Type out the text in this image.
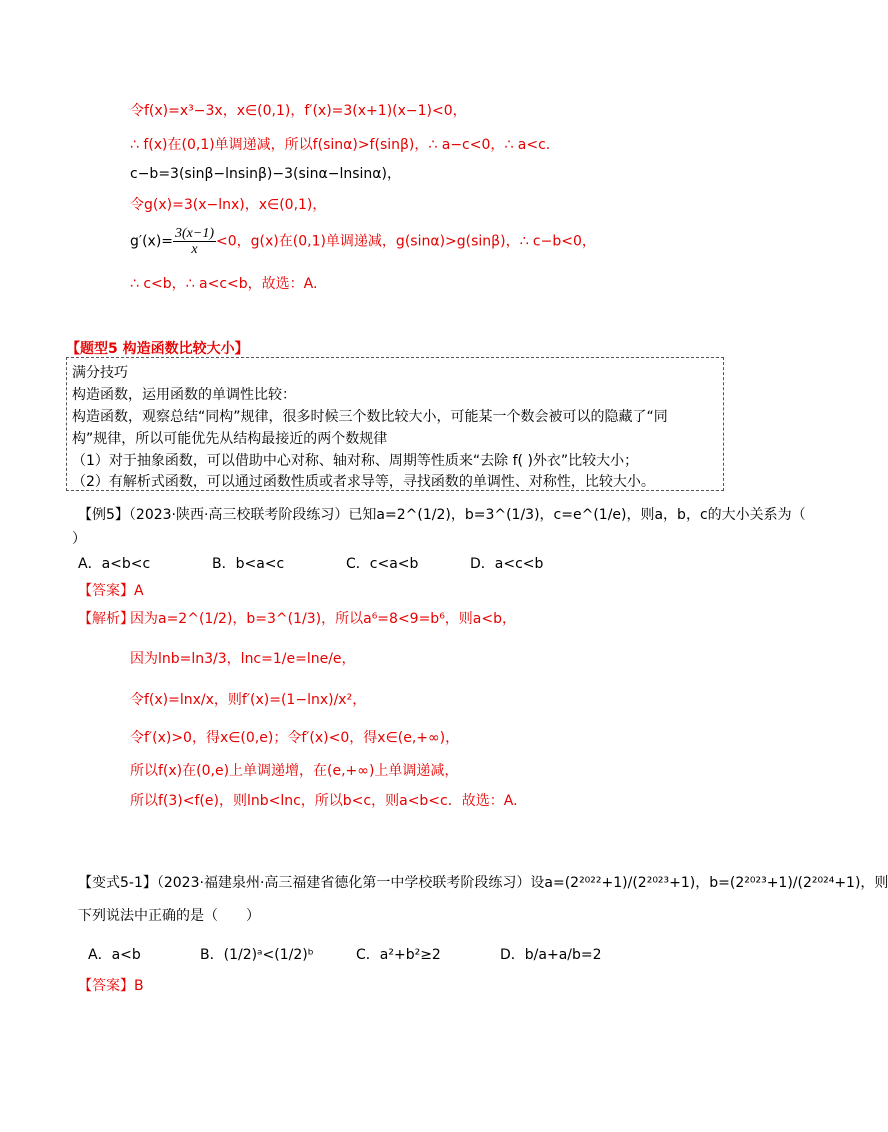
令f(x)=x³−3x，x∈(0,1)，f′(x)=3(x+1)(x−1)<0，
∴ f(x)在(0,1)单调递减，所以f(sinα)>f(sinβ)，∴ a−c<0，∴ a<c.
c−b=3(sinβ−lnsinβ)−3(sinα−lnsinα)，
令g(x)=3(x−lnx)，x∈(0,1)，
$g'(x)= \frac{3(x-1)}{x} <0$，g(x)在(0,1)单调递减，g(sinα)>g(sinβ)，∴ c−b<0，
∴ c<b，∴ a<c<b，故选：A.
【题型5 构造函数比较大小】
满分技巧
构造函数，运用函数的单调性比较：
构造函数，观察总结“同构”规律，很多时候三个数比较大小，可能某一个数会被可以的隐藏了“同
构”规律，所以可能优先从结构最接近的两个数规律
（1）对于抽象函数，可以借助中心对称、轴对称、周期等性质来“去除 f( )外衣”比较大小；
（2）有解析式函数，可以通过函数性质或者求导等，寻找函数的单调性、对称性，比较大小。
【例5】（2023·陕西·高三校联考阶段练习）已知a=2^(1/2)，b=3^(1/3)，c=e^(1/e)，则a，b，c的大小关系为（
）
A．a<b<c	B．b<a<c	C．c<a<b	D．a<c<b
【答案】A
【解析】
因为a=2^(1/2)，b=3^(1/3)，所以a⁶=8<9=b⁶，则a<b，
因为lnb=ln3/3，lnc=1/e=lne/e，
令f(x)=lnx/x，则f′(x)=(1−lnx)/x²，
令f′(x)>0，得x∈(0,e)；令f′(x)<0，得x∈(e,+∞)，
所以f(x)在(0,e)上单调递增，在(e,+∞)上单调递减，
所以f(3)<f(e)，则lnb<lnc，所以b<c，则a<b<c．故选：A.
【变式5-1】（2023·福建泉州·高三福建省德化第一中学校联考阶段练习）设a=(2²⁰²²+1)/(2²⁰²³+1)，b=(2²⁰²³+1)/(2²⁰²⁴+1)，则
下列说法中正确的是（　　）
A．a<b	B．(1/2)ᵃ<(1/2)ᵇ	C．a²+b²≥2	D．b/a+a/b=2
【答案】B
